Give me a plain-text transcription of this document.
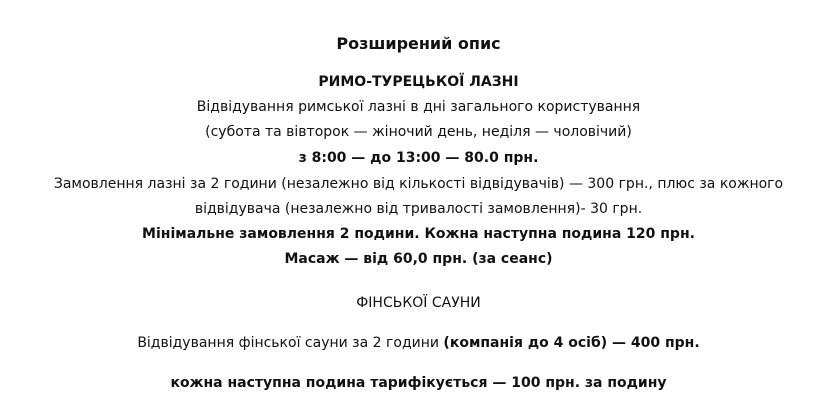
Розширений опис
РИМО-ТУРЕЦЬКОЇ ЛАЗНІ
Відвідування римської лазні в дні загального користування
(субота та вівторок — жіночий день, неділя — чоловічий)
з 8:00 — до 13:00 — 80.0 прн.
Замовлення лазні за 2 години (незалежно від кількості відвідувачів) — 300 грн., плюс за кожного
відвідувача (незалежно від тривалості замовлення)- 30 грн.
Мінімальне замовлення 2 подини. Кожна наступна подина 120 прн.
Масаж — від 60,0 прн. (за сеанс)
ФІНСЬКОЇ САУНИ
Відвідування фінської сауни за 2 години (компанія до 4 осіб) — 400 прн.
кожна наступна подина тарифікується — 100 прн. за подину
